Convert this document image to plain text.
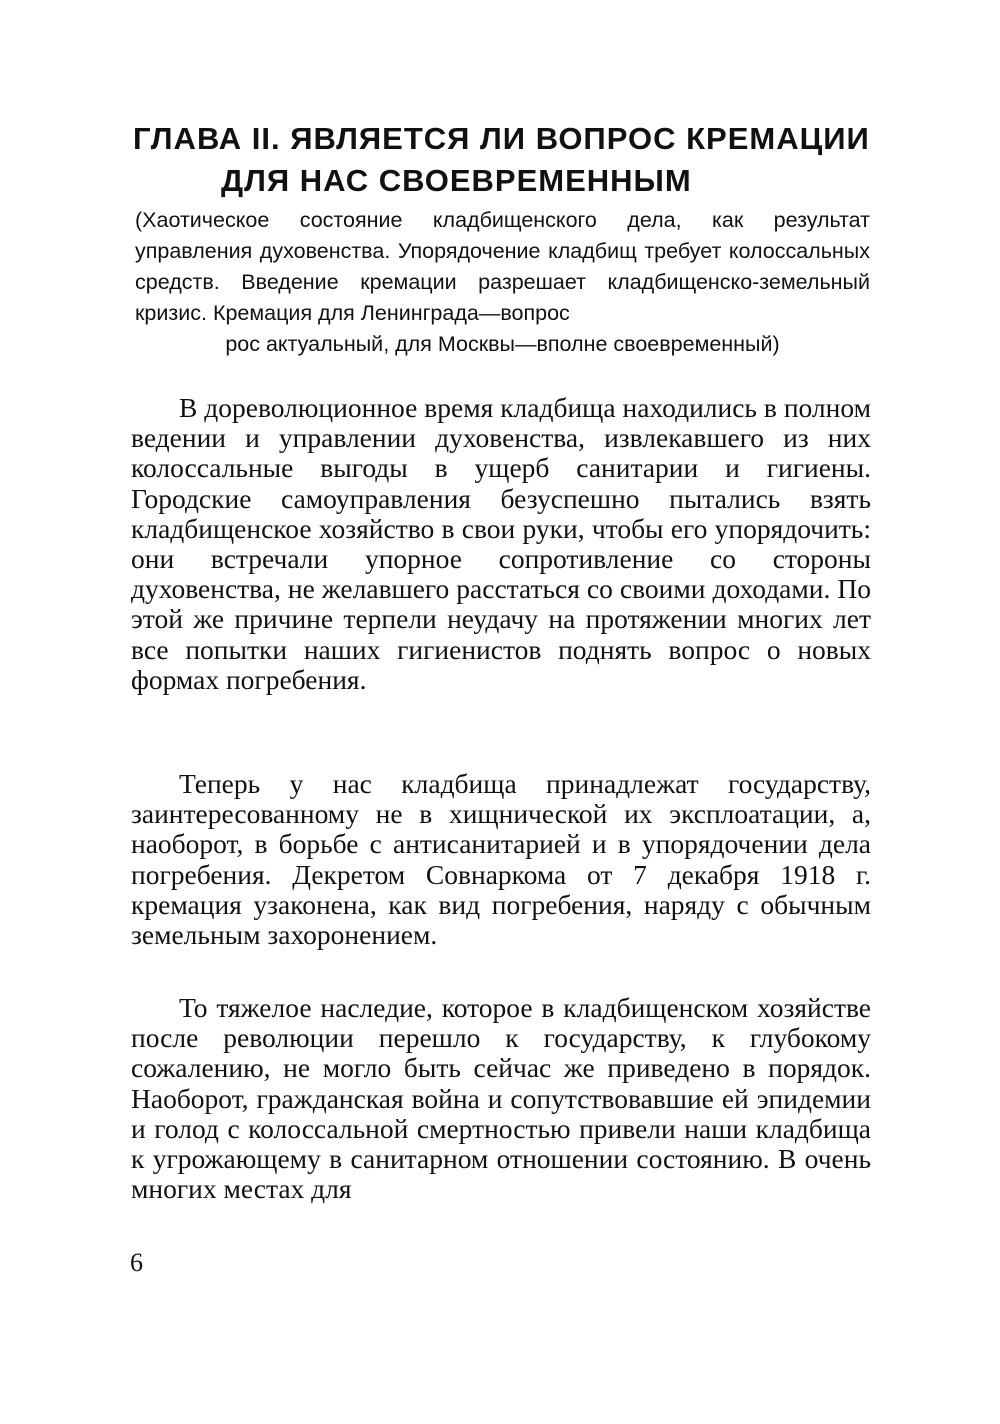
ГЛАВА II. ЯВЛЯЕТСЯ ЛИ ВОПРОС КРЕМАЦИИ
ДЛЯ НАС СВОЕВРЕМЕННЫМ

(Хаотическое состояние кладбищенского дела, как результат управления духовенства. Упорядочение кладбищ требует колоссальных средств. Введение кремации разрешает кладбищенско-земельный кризис. Кремация для Ленинграда—вопрос

рос актуальный, для Москвы—вполне своевременный)

В дореволюционное время кладбища находились в полном ведении и управлении духовенства, извлекавшего из них колоссальные выгоды в ущерб санитарии и гигиены. Городские самоуправления безуспешно пытались взять кладбищенское хозяйство в свои руки, чтобы его упорядочить: они встречали упорное сопротивление со стороны духовенства, не желавшего расстаться со своими доходами. По этой же причине терпели неудачу на протяжении многих лет все попытки наших гигиенистов поднять вопрос о новых формах погребения.

Теперь у нас кладбища принадлежат государству, заинтересованному не в хищнической их эксплоатации, а, наоборот, в борьбе с антисанитарией и в упорядочении дела погребения. Декретом Совнаркома от 7 декабря 1918 г. кремация узаконена, как вид погребения, наряду с обычным земельным захоронением.

То тяжелое наследие, которое в кладбищенском хозяйстве после революции перешло к государству, к глубокому сожалению, не могло быть сейчас же приведено в порядок. Наоборот, гражданская война и сопутствовавшие ей эпидемии и голод с колоссальной смертностью привели наши кладбища к угрожающему в санитарном отношении состоянию. В очень многих местах для

6
